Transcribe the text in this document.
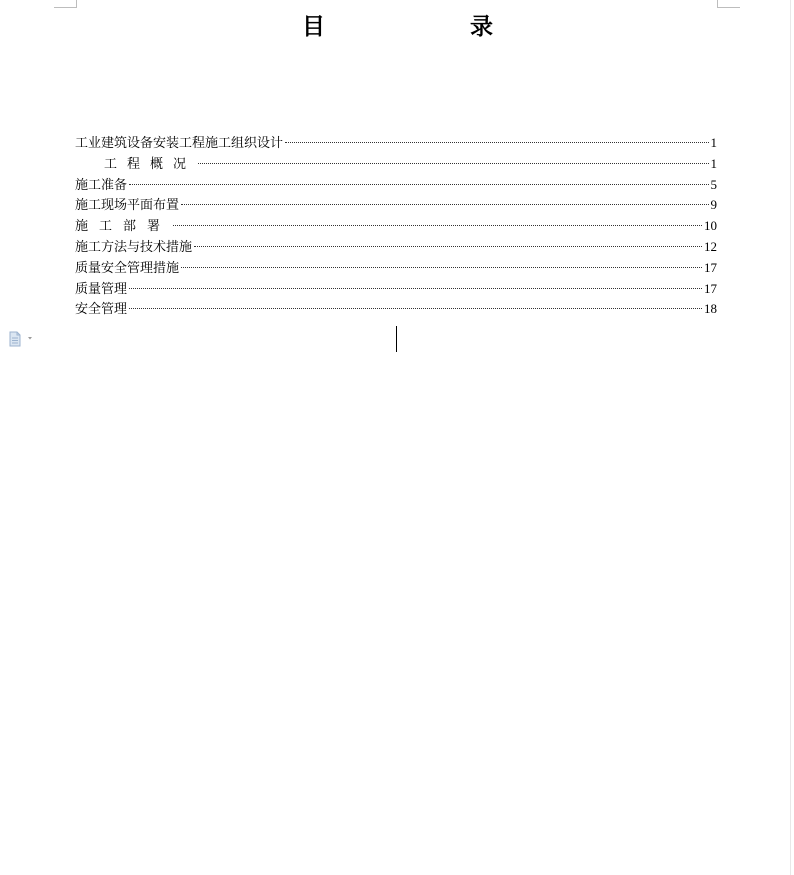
目	录
工业建筑设备安装工程施工组织设计	1
工程概况	1
施工准备	5
施工现场平面布置	9
施工部署	10
施工方法与技术措施	12
质量安全管理措施	17
质量管理	17
安全管理	18
